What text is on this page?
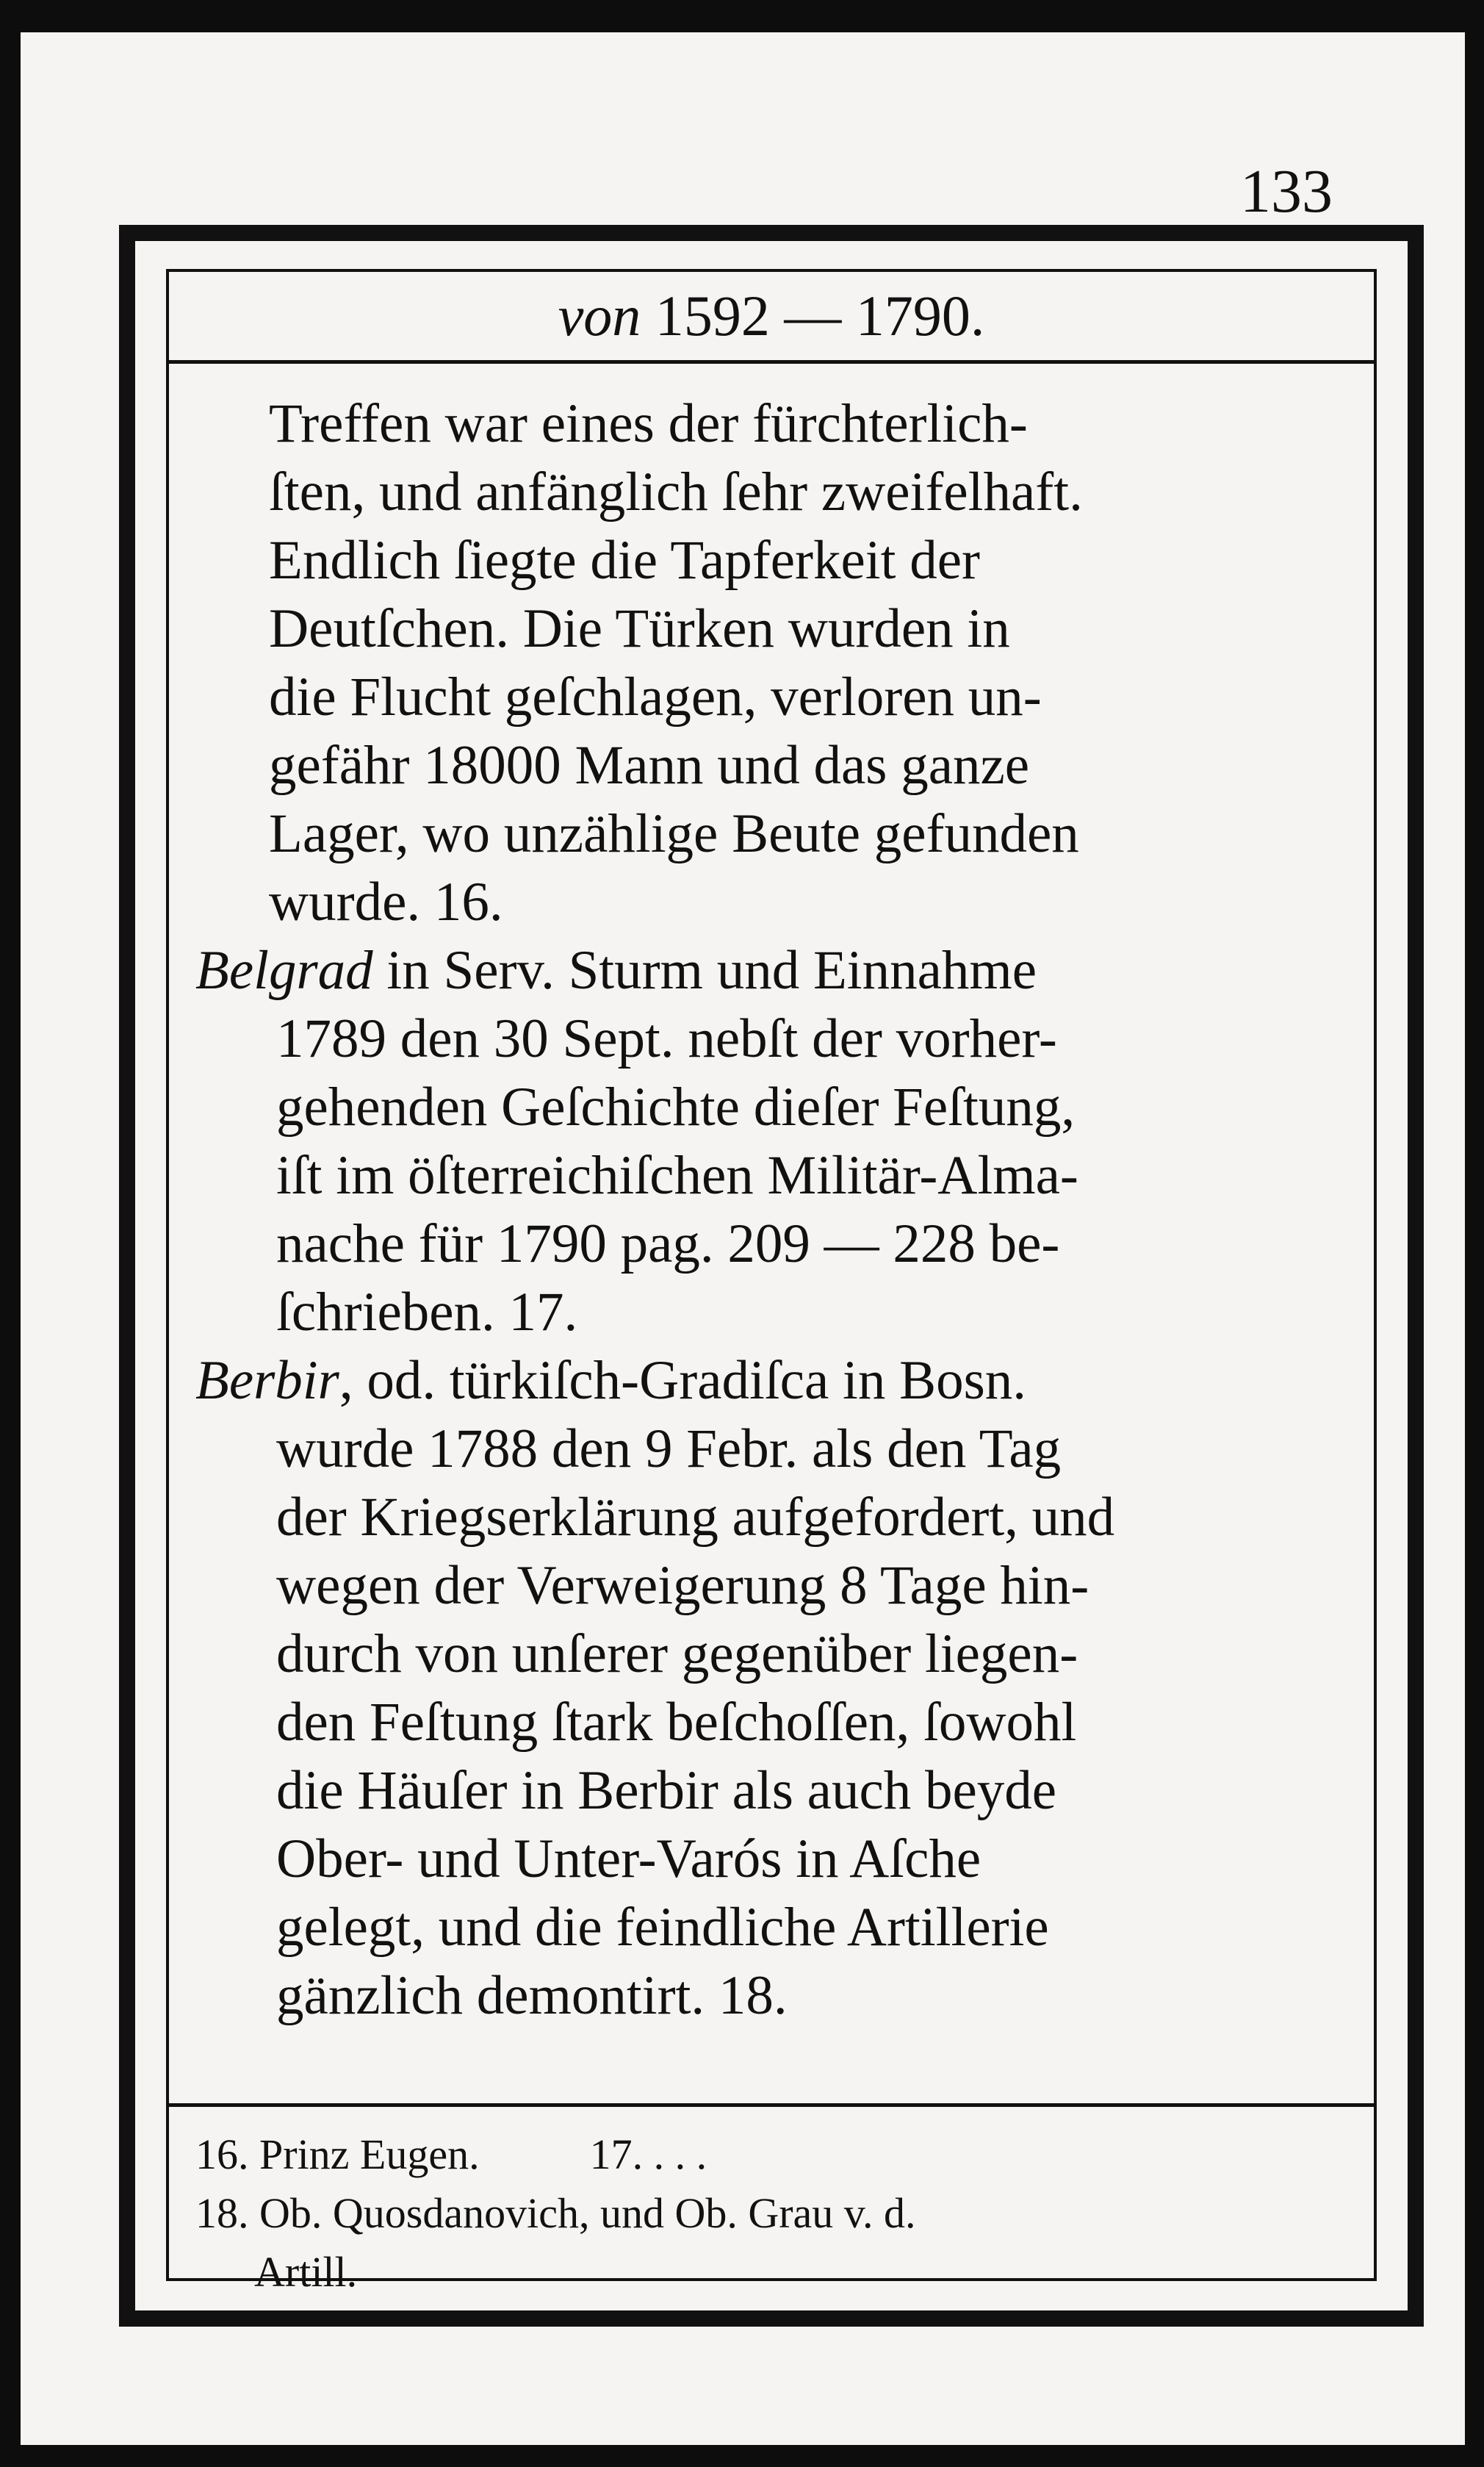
133
von 1592 — 1790.
Treffen war eines der fürchterlich-
ſten, und anfänglich ſehr zweifelhaft.
Endlich ſiegte die Tapferkeit der
Deutſchen. Die Türken wurden in
die Flucht geſchlagen, verloren un-
gefähr 18000 Mann und das ganze
Lager, wo unzählige Beute gefunden
wurde. 16.
Belgrad in Serv. Sturm und Einnahme
1789 den 30 Sept. nebſt der vorher-
gehenden Geſchichte dieſer Feſtung,
iſt im öſterreichiſchen Militär-Alma-
nache für 1790 pag. 209 — 228 be-
ſchrieben. 17.
Berbir, od. türkiſch-Gradiſca in Bosn.
wurde 1788 den 9 Febr. als den Tag
der Kriegserklärung aufgefordert, und
wegen der Verweigerung 8 Tage hin-
durch von unſerer gegenüber liegen-
den Feſtung ſtark beſchoſſen, ſowohl
die Häuſer in Berbir als auch beyde
Ober- und Unter-Varós in Aſche
gelegt, und die feindliche Artillerie
gänzlich demontirt. 18.
16. Prinz Eugen.	17. . . .
18. Ob. Quosdanovich, und Ob. Grau v. d.
Artill.
